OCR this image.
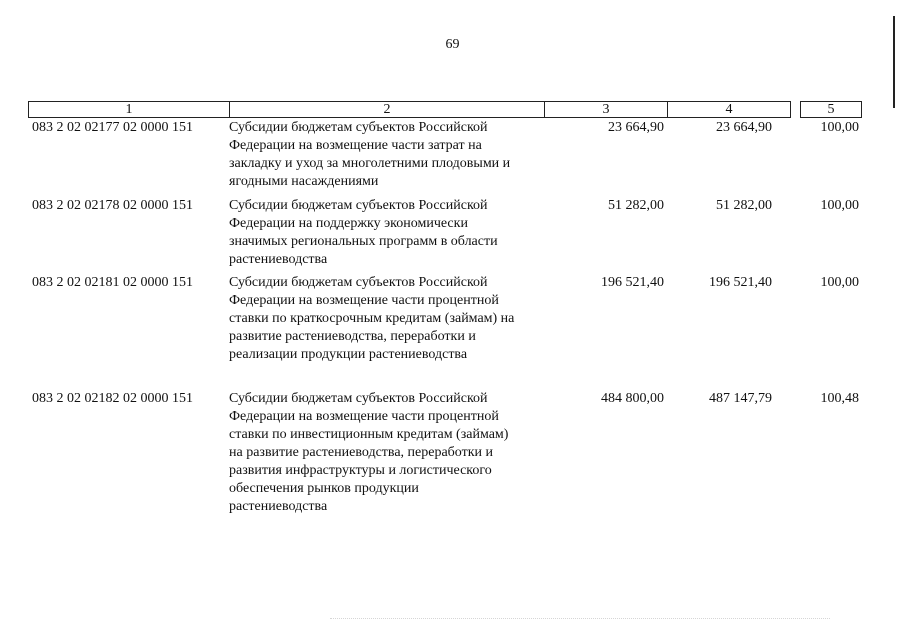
69
1	2	3	4	5
083 2 02 02177 02 0000 151	Субсидии бюджетам субъектов Российской
Федерации на возмещение части затрат на
закладку и уход за многолетними плодовыми и
ягодными насаждениями
23 664,90	23 664,90	100,00
083 2 02 02178 02 0000 151	Субсидии бюджетам субъектов Российской
Федерации на поддержку экономически
значимых региональных программ в области
растениеводства
51 282,00	51 282,00	100,00
083 2 02 02181 02 0000 151	Субсидии бюджетам субъектов Российской
Федерации на возмещение части процентной
ставки по краткосрочным кредитам (займам) на
развитие растениеводства, переработки и
реализации продукции растениеводства
196 521,40	196 521,40	100,00
083 2 02 02182 02 0000 151	Субсидии бюджетам субъектов Российской
Федерации на возмещение части процентной
ставки по инвестиционным кредитам (займам)
на развитие растениеводства, переработки и
развития инфраструктуры и логистического
обеспечения рынков продукции
растениеводства
484 800,00	487 147,79	100,48
